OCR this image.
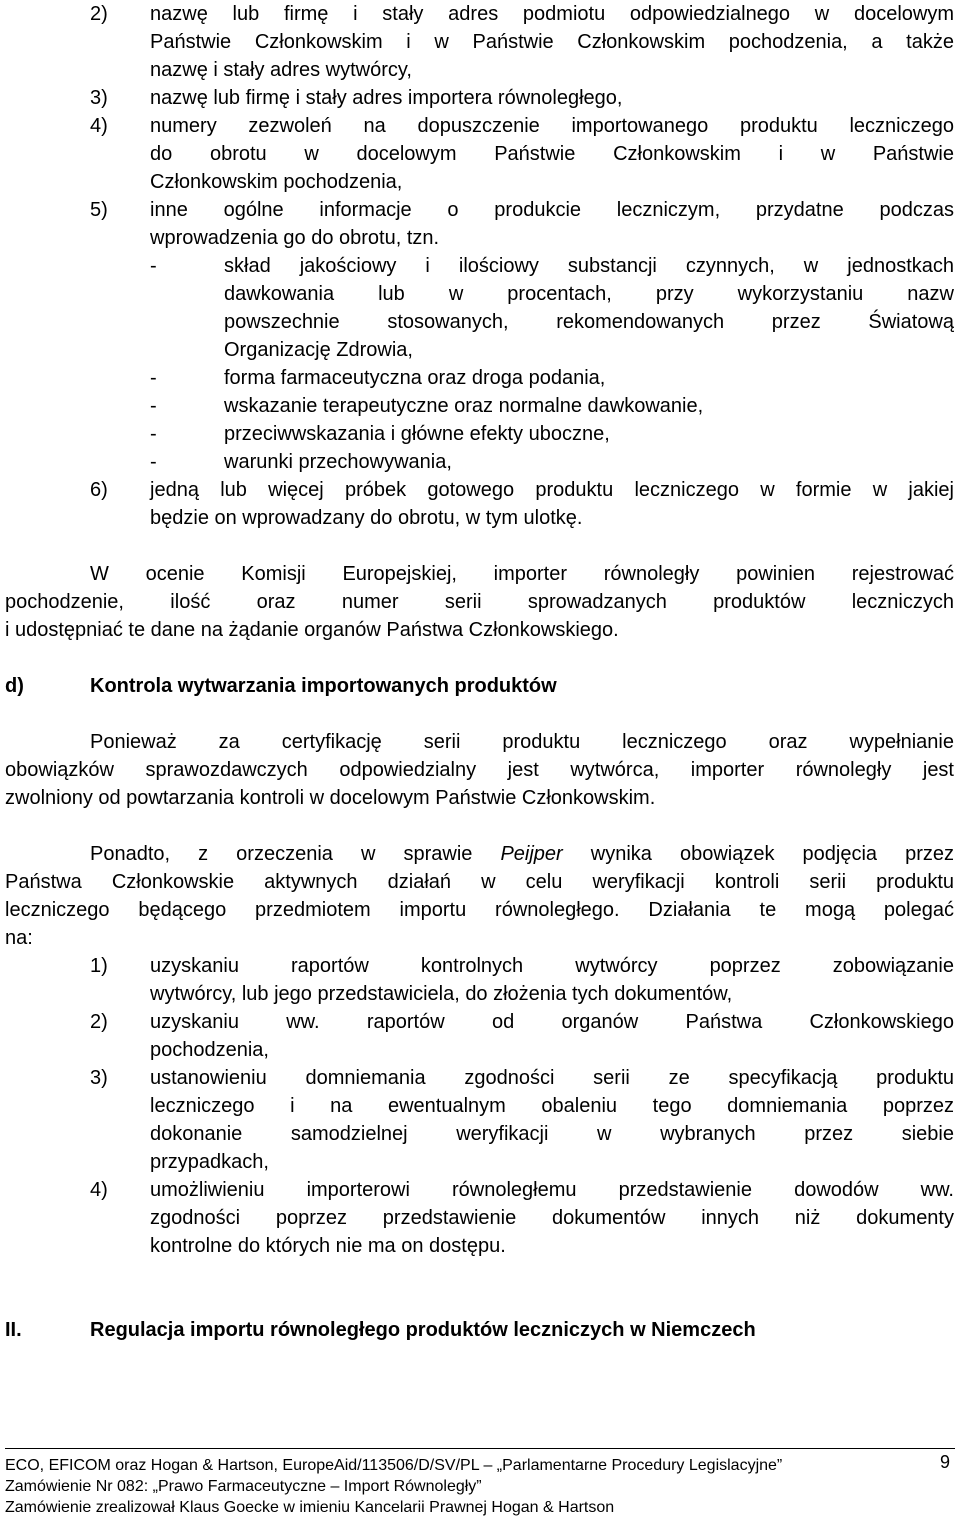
2) nazwę lub firmę i stały adres podmiotu odpowiedzialnego w docelowym
Państwie Członkowskim i w Państwie Członkowskim pochodzenia, a także
nazwę i stały adres wytwórcy,
3) nazwę lub firmę i stały adres importera równoległego,
4) numery zezwoleń na dopuszczenie importowanego produktu leczniczego
do obrotu w docelowym Państwie Członkowskim i w Państwie
Członkowskim pochodzenia,
5) inne ogólne informacje o produkcie leczniczym, przydatne podczas
wprowadzenia go do obrotu, tzn.
-	skład jakościowy i ilościowy substancji czynnych, w jednostkach
dawkowania lub w procentach, przy wykorzystaniu nazw
powszechnie stosowanych, rekomendowanych przez Światową
Organizację Zdrowia,
-	forma farmaceutyczna oraz droga podania,
-	wskazanie terapeutyczne oraz normalne dawkowanie,
-	przeciwwskazania i główne efekty uboczne,
-	warunki przechowywania,
6) jedną lub więcej próbek gotowego produktu leczniczego w formie w jakiej
będzie on wprowadzany do obrotu, w tym ulotkę.
W ocenie Komisji Europejskiej, importer równoległy powinien rejestrować
pochodzenie, ilość oraz numer serii sprowadzanych produktów leczniczych
i udostępniać te dane na żądanie organów Państwa Członkowskiego.
d)	Kontrola wytwarzania importowanych produktów
Ponieważ za certyfikację serii produktu leczniczego oraz wypełnianie
obowiązków sprawozdawczych odpowiedzialny jest wytwórca, importer równoległy jest
zwolniony od powtarzania kontroli w docelowym Państwie Członkowskim.
Ponadto, z orzeczenia w sprawie Peijper wynika obowiązek podjęcia przez
Państwa Członkowskie aktywnych działań w celu weryfikacji kontroli serii produktu
leczniczego będącego przedmiotem importu równoległego. Działania te mogą polegać
na:
1) uzyskaniu raportów kontrolnych wytwórcy poprzez zobowiązanie
wytwórcy, lub jego przedstawiciela, do złożenia tych dokumentów,
2) uzyskaniu ww. raportów od organów Państwa Członkowskiego
pochodzenia,
3) ustanowieniu domniemania zgodności serii ze specyfikacją produktu
leczniczego i na ewentualnym obaleniu tego domniemania poprzez
dokonanie samodzielnej weryfikacji w wybranych przez siebie
przypadkach,
4) umożliwieniu importerowi równoległemu przedstawienie dowodów ww.
zgodności poprzez przedstawienie dokumentów innych niż dokumenty
kontrolne do których nie ma on dostępu.
II.	Regulacja importu równoległego produktów leczniczych w Niemczech
ECO, EFICOM oraz Hogan & Hartson, EuropeAid/113506/D/SV/PL – „Parlamentarne Procedury Legislacyjne”	9
Zamówienie Nr 082: „Prawo Farmaceutyczne – Import Równoległy”
Zamówienie zrealizował Klaus Goecke w imieniu Kancelarii Prawnej Hogan & Hartson
